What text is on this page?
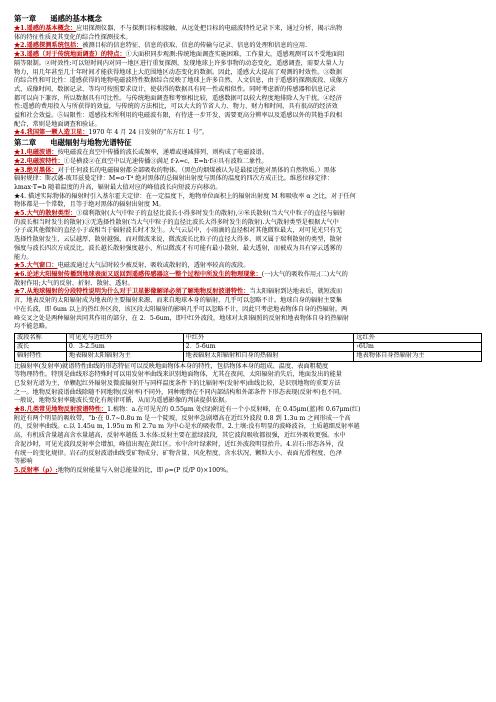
第一章 遥感的基本概念

★1.遥感的基本概念：应用探测仪器，不与探测目标相接触，从远处把目标的电磁波特性记录下来，通过分析，揭示出物

体的特征性质及其变化的综合性探测技术。

★2.遥感探测系统包括：被测目标的信息特征、信息的获取、信息的传输与记录、信息的处理和信息的应用.

★3.遥感（对于传统地面调查）的特点：①大面积同步观测:传统地面调查实施困难，工作量大，遥感观测可以不受地面阻

隔等限制。②时效性:可以短时间内对同一地区进行重复探测，发现地球上许多事物的动态变化，遥感调查，需要大量人力

物力，用几年甚至几十年时间才能获得地球上大范围地区动态变化的数据。因此，遥感大大提高了观测的时效性。③数据

的综合性和可比性：遥感获得的地物电磁波特性数据综合反映了地球上许多自然、人文信息，由于遥感的探测波段、成像方

式、成像时间、数据记录、等均可按照要求设计，使获得的数据具有同一性或相似性。同时考虑新的传感器和信息记录

都可以向下兼容，所以数据具有可比性。与传统地面调查和考察相比较，遥感数据可以较大程度地排除人为干扰。④经济

性:遥感的费用投入与所获得的效益，与传统的方法相比，可以大大的节省人力、物力、财力和时间，具有很高的经济效

益和社会效益。⑤局限性：遥感技术所利用的电磁波有限，有待进一步开发，需要更高分辨率以及遥感以外的其他手段相

配合，常则是地面调查和验证。

★4.我国第一颗人造卫星：1970 年 4 月 24 日发射的“东方红 1 号”。

第二章 电磁辐射与地物光谱特征

★1.电磁波谱：按电磁波在真空中传播的波长或频率，递增或递减排列，则构成了电磁波谱。

★2.电磁波特性：①是横波②在真空中以光速传播③满足 f·λ=c，E=h·f④具有波粒二象性。

★3.绝对黑体：对于任何波长的电磁辐射都全部吸收的物体。（黑色的烟煤被认为是最接近绝对黑体的自然物质。）黑体

辐射规律：斯忒藩-玻耳兹曼定律：M=σ·T⁴ 绝对黑体的总辐射出射度与黑体的温度的四次方成正比。维恩位移定律：

λmax·T=b 随着温度的升高，辐射最大值对应的峰值波长向短波方向移动。

★4. 描述实际物体的辐射时引入基尔霍夫定律：在一定温度下，地物单位面积上的辐射出射度 M 和吸收率 α 之比，对于任何

物体都是一个常数，且等于绝对黑体的辐射出射度 M。

★5.大气的散射类型：①瑞利散射(大气中粒子的直径比波长小得多时发生的散射),②米氏散射(当大气中粒子的直径与辐射

的波长相当时发生的散射)③无选择性散射(当大气中粒子的直径比波长大得多时发生的散射).大气散射类型是根据大气中

分子或其他微粒的直径小于或相当于辐射波长时才发生。大气云层中，小雨滴的直径相对其他微粒最大，对可见光只有无

选择性散射发生，云层越厚，散射越强，而对微波来说，微波波长比粒子的直径大得多，则又属于瑞利散射的类型，散射

强度与波长四次方成反比，波长越长散射强度越小，所以微波才有可能有最小散射，最大透射，而被成为具有穿云透雾的

能力。

★5.大气窗口：电磁波通过大气层时较少被反射、吸收或散射的，透射率较高的波段。

★6.论述大阳辐射传播到地球表面又返回到遥感传感器这一整个过程中所发生的物理现象：(一)大气的吸收作用;(二)大气的

散射作用;大气的反射、折射、散射、透射。

★7.从地球辐射的分段特性说明为什么对于卫星影像解译必须了解地物反射波谱特性：当太阳辐射到达地表后，就短波而

言，地表反射的太阳辐射成为地表的主要辐射来源，而来自地球本身的辐射，几乎可以忽略不计。地球自身的辐射主要集

中在长波，即 6um 以上的热红外区段，该区段太阳辐射的影响几乎可以忽略不计，因此只考虑地表物体自身的热辐射。两

峰交叉之处是两种辐射共同其作用的部分，在 2．5-6um，即中红外波段，地球对太阳辐照的反射和地表物体自身的热辐射

均不能忽略。

波段名称	可见光与近红外	中红外	远红外
波长	0．3-2.5um	2．5-6um	›6Um
辐射特性	地表辐射太阳辐射为主	地表辐射太阳辐射和自身的热辐射	地表物体自身热辐射为主

比辐射率(发射率)就谱特性曲线的形态特征可以反映地面物体本身的特性，包括物体本身的组成、温度、表面粗糙度

等物理特性。特别是曲线形态特殊时可以用发射率曲线来识别地面物体，尤其在夜间，太阳辐射消失后，地面发出的能量

已发射光谱为主，单颗起红外辐射及微波辐射开与同样温度条件下的比辐射率(发射率)曲线比较，是识别地物的重要方法

之一。地物反射波谱曲线除随不同地物(反射率)不同外，同种地物在不同内部结构和外部条件下形态表现(反射率)也不同。

一般说，地物发射率随波长变化有规律可循，从而为遥感影像的判读提供依据。

★8.几类常见地物反射波谱特性：1.植物：a.在可见光的 0.55μm 处(绿)附近有一个小反射峰，在 0.45μm(蓝)和 0.67μm(红)

附近有两个明显的吸收带。“b·在 0.7~0.8u m 是一个陡坡，反射率急剧增高在近红外波段 0.8 到 1.3u m 之间形成一个高

的，反射率曲线。c.以 1.45u m, 1.95u m 和 2.7u m 为中心是水的吸收带。2.土壤:没有明显的波峰波谷，土质越细反射率越

高，有机质含量越高含水量越高，反射率越低 3.水体:反射主要在蓝绿波段，其它波段吸收都很强，近红外吸收更强。水中

含泥沙时，可见光波段反射率会增加，峰值出现在黄红区。水中含叶绿素时，近红外波段明显抬升。4.岩石:形态各异，没

有统一的变化规律。岩石的反射波谱曲线受矿物成分、矿物含量、风化程度、含水状况、颗粒大小、表面光滑程度、色泽

等影响

5.反射率（ρ）:地物的反射能量与入射总能量的比，即 ρ=(P 反/P 0)×100%。
